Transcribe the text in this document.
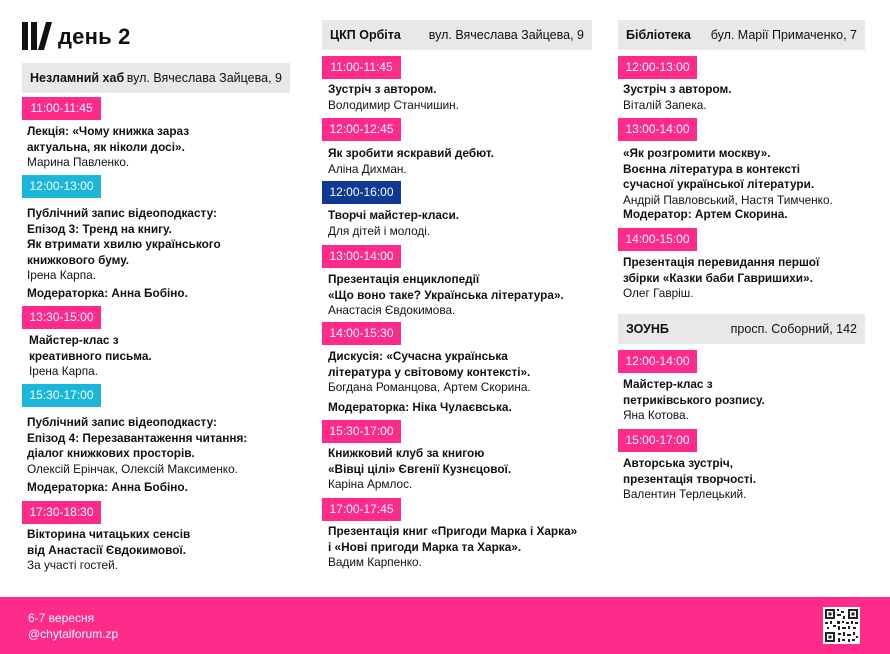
день 2
Незламний хаб вул. Вячеслава Зайцева, 9
11:00-11:45
Лекція: «Чому книжка зараз
актуальна, як ніколи досі».
Марина Павленко.
12:00-13:00
Публічний запис відеоподкасту:
Епізод 3: Тренд на книгу.
Як втримати хвилю українського
книжкового буму.
Ірена Карпа.
Модераторка: Анна Бобіно.
13:30-15:00
Майстер-клас з
креативного письма.
Ірена Карпа.
15:30-17:00
Публічний запис відеоподкасту:
Епізод 4: Перезавантаження читання:
діалог книжкових просторів.
Олексій Ерінчак, Олексій Максименко.
Модераторка: Анна Бобіно.
17:30-18:30
Вікторина читацьких сенсів
від Анастасії Євдокимової.
За участі гостей.
ЦКП Орбіта вул. Вячеслава Зайцева, 9
11:00-11:45
Зустріч з автором.
Володимир Станчишин.
12:00-12:45
Як зробити яскравий дебют.
Аліна Дихман.
12:00-16:00
Творчі майстер-класи.
Для дітей і молоді.
13:00-14:00
Презентація енциклопедії
«Що воно таке? Українська література».
Анастасія Євдокимова.
14:00-15:30
Дискусія: «Сучасна українська
література у світовому контексті».
Богдана Романцова, Артем Скорина.
Модераторка: Ніка Чулаєвська.
15:30-17:00
Книжковий клуб за книгою
«Вівці цілі» Євгенії Кузнєцової.
Каріна Армлос.
17:00-17:45
Презентація книг «Пригоди Марка і Харка»
і «Нові пригоди Марка та Харка».
Вадим Карпенко.
Бібліотека бул. Марії Примаченко, 7
12:00-13:00
Зустріч з автором.
Віталій Запека.
13:00-14:00
«Як розгромити москву».
Воєнна література в контексті
сучасної української літератури.
Андрій Павловський, Настя Тимченко.
Модератор: Артем Скорина.
14:00-15:00
Презентація перевидання першої
збірки «Казки баби Гавришихи».
Олег Гавріш.
ЗОУНБ	просп. Соборний, 142
12:00-14:00
Майстер-клас з
петриківського розпису.
Яна Котова.
15:00-17:00
Авторська зустріч,
презентація творчості.
Валентин Терлецький.
6-7 вересня
@chytaiforum.zp
